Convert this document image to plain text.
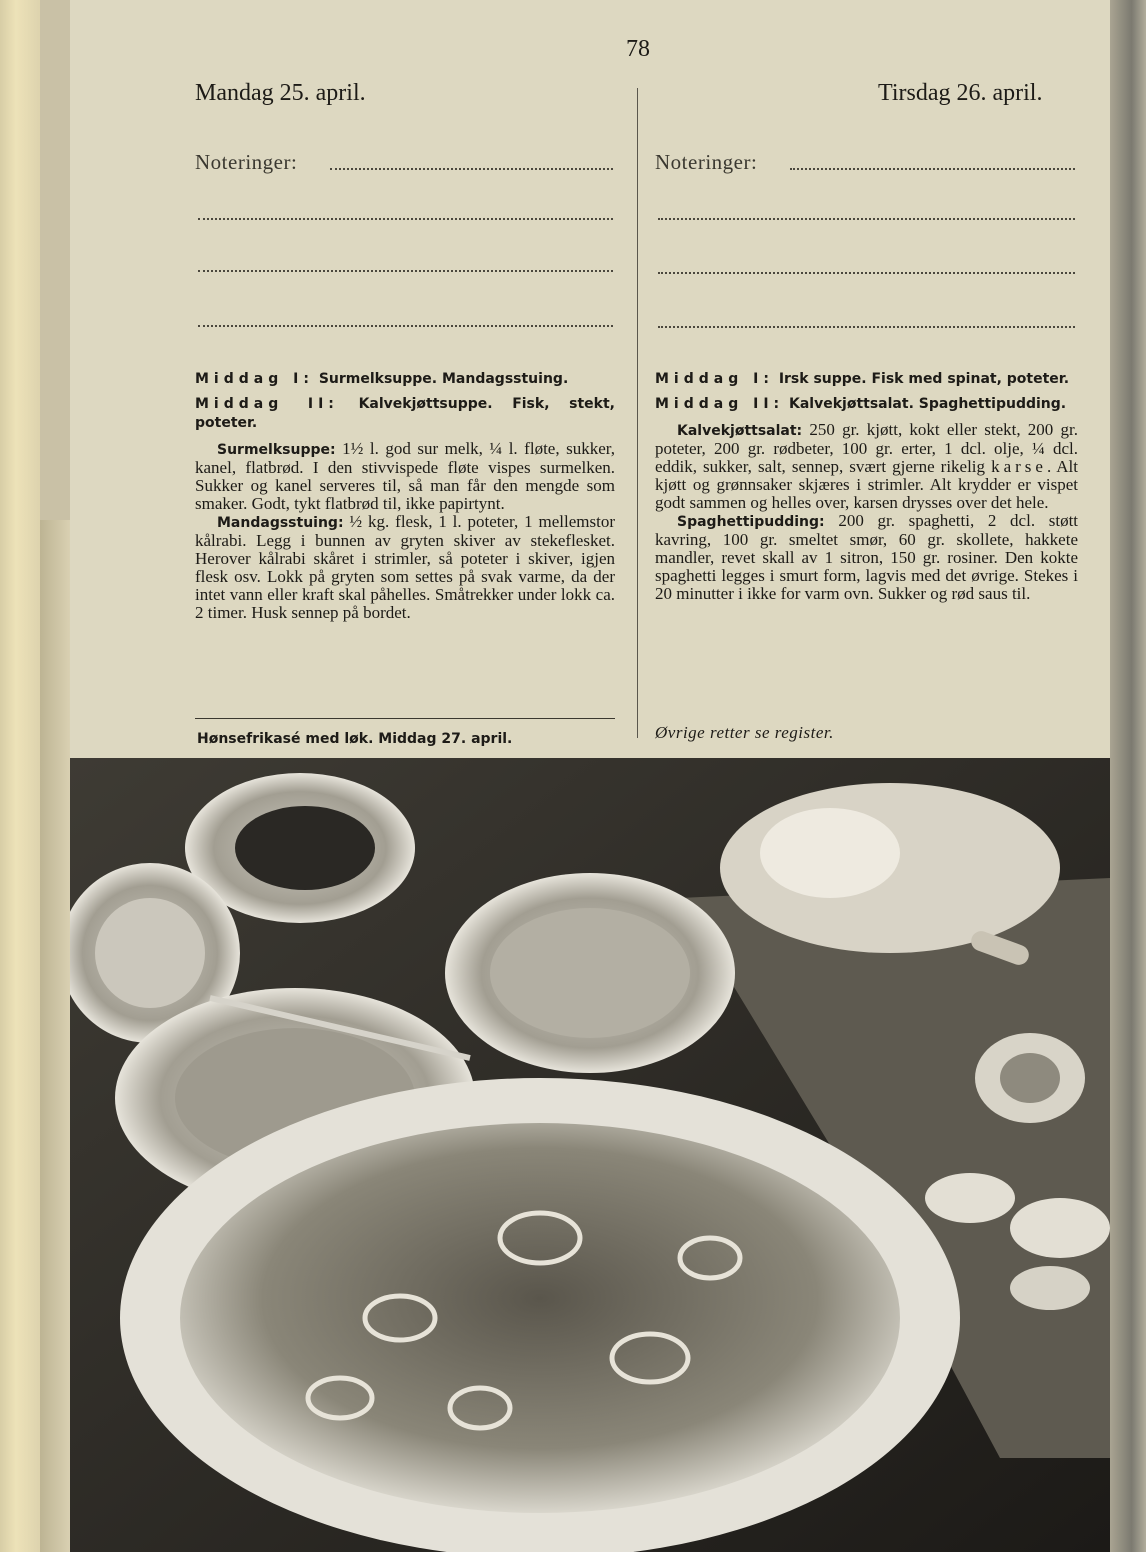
78
Mandag 25. april.	Tirsdag 26. april.
Noteringer:	Noteringer:

Middag I: Surmelksuppe. Mandagsstuing.

Middag II: Kalvekjøttsuppe. Fisk, stekt, poteter.

Surmelksuppe: 1½ l. god sur melk, ¼ l. fløte, sukker, kanel, flatbrød. I den stivvispede fløte vispes surmelken. Sukker og kanel serveres til, så man får den mengde som smaker. Godt, tykt flatbrød til, ikke papirtynt.

Mandagsstuing: ½ kg. flesk, 1 l. poteter, 1 mellemstor kålrabi. Legg i bunnen av gryten skiver av stekeflesket. Herover kålrabi skåret i strimler, så poteter i skiver, igjen flesk osv. Lokk på gryten som settes på svak varme, da der intet vann eller kraft skal påhelles. Småtrekker under lokk ca. 2 timer. Husk sennep på bordet.

Hønsefrikasé med løk. Middag 27. april.

Middag I: Irsk suppe. Fisk med spinat, poteter.

Middag II: Kalvekjøttsalat. Spaghettipudding.

Kalvekjøttsalat: 250 gr. kjøtt, kokt eller stekt, 200 gr. poteter, 200 gr. rødbeter, 100 gr. erter, 1 dcl. olje, ¼ dcl. eddik, sukker, salt, sennep, svært gjerne rikelig karse. Alt kjøtt og grønnsaker skjæres i strimler. Alt krydder er vispet godt sammen og helles over, karsen drysses over det hele.

Spaghettipudding: 200 gr. spaghetti, 2 dcl. støtt kavring, 100 gr. smeltet smør, 60 gr. skollete, hakkete mandler, revet skall av 1 sitron, 150 gr. rosiner. Den kokte spaghetti legges i smurt form, lagvis med det øvrige. Stekes i 20 minutter i ikke for varm ovn. Sukker og rød saus til.

Øvrige retter se register.
